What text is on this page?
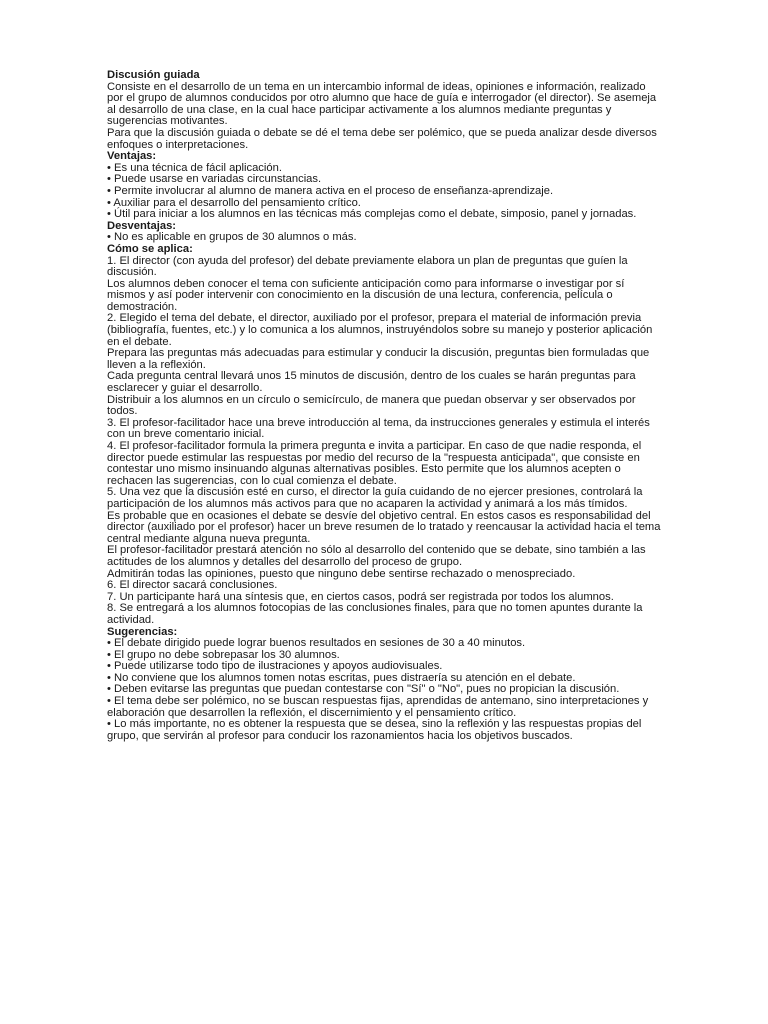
Discusión guiada

Consiste en el desarrollo de un tema en un intercambio informal de ideas, opiniones e información, realizado por el grupo de alumnos conducidos por otro alumno que hace de guía e interrogador (el director). Se asemeja al desarrollo de una clase, en la cual hace participar activamente a los alumnos mediante preguntas y sugerencias motivantes.

Para que la discusión guiada o debate se dé el tema debe ser polémico, que se pueda analizar desde diversos enfoques o interpretaciones.

Ventajas:

• Es una técnica de fácil aplicación.

• Puede usarse en variadas circunstancias.

• Permite involucrar al alumno de manera activa en el proceso de enseñanza-aprendizaje.

• Auxiliar para el desarrollo del pensamiento crítico.

• Útil para iniciar a los alumnos en las técnicas más complejas como el debate, simposio, panel y jornadas.

Desventajas:

• No es aplicable en grupos de 30 alumnos o más.

Cómo se aplica:

1. El director (con ayuda del profesor) del debate previamente elabora un plan de preguntas que guíen la discusión.

Los alumnos deben conocer el tema con suficiente anticipación como para informarse o investigar por sí mismos y así poder intervenir con conocimiento en la discusión de una lectura, conferencia, película o demostración.

2. Elegido el tema del debate, el director, auxiliado por el profesor, prepara el material de información previa (bibliografía, fuentes, etc.) y lo comunica a los alumnos, instruyéndolos sobre su manejo y posterior aplicación en el debate.

Prepara las preguntas más adecuadas para estimular y conducir la discusión, preguntas bien formuladas que lleven a la reflexión.

Cada pregunta central llevará unos 15 minutos de discusión, dentro de los cuales se harán preguntas para esclarecer y guiar el desarrollo.

Distribuir a los alumnos en un círculo o semicírculo, de manera que puedan observar y ser observados por todos.

3. El profesor-facilitador hace una breve introducción al tema, da instrucciones generales y estimula el interés con un breve comentario inicial.

4. El profesor-facilitador formula la primera pregunta e invita a participar. En caso de que nadie responda, el director puede estimular las respuestas por medio del recurso de la "respuesta anticipada", que consiste en contestar uno mismo insinuando algunas alternativas posibles. Esto permite que los alumnos acepten o rechacen las sugerencias, con lo cual comienza el debate.

5. Una vez que la discusión esté en curso, el director la guía cuidando de no ejercer presiones, controlará la participación de los alumnos más activos para que no acaparen la actividad y animará a los más tímidos.

Es probable que en ocasiones el debate se desvíe del objetivo central. En estos casos es responsabilidad del director (auxiliado por el profesor) hacer un breve resumen de lo tratado y reencausar la actividad hacia el tema central mediante alguna nueva pregunta.

El profesor-facilitador prestará atención no sólo al desarrollo del contenido que se debate, sino también a las actitudes de los alumnos y detalles del desarrollo del proceso de grupo.

Admitirán todas las opiniones, puesto que ninguno debe sentirse rechazado o menospreciado.

6. El director sacará conclusiones.

7. Un participante hará una síntesis que, en ciertos casos, podrá ser registrada por todos los alumnos.

8. Se entregará a los alumnos fotocopias de las conclusiones finales, para que no tomen apuntes durante la actividad.

Sugerencias:

• El debate dirigido puede lograr buenos resultados en sesiones de 30 a 40 minutos.

• El grupo no debe sobrepasar los 30 alumnos.

• Puede utilizarse todo tipo de ilustraciones y apoyos audiovisuales.

• No conviene que los alumnos tomen notas escritas, pues distraería su atención en el debate.

• Deben evitarse las preguntas que puedan contestarse con "Sí" o "No", pues no propician la discusión.

• El tema debe ser polémico, no se buscan respuestas fijas, aprendidas de antemano, sino interpretaciones y elaboración que desarrollen la reflexión, el discernimiento y el pensamiento crítico.

• Lo más importante, no es obtener la respuesta que se desea, sino la reflexión y las respuestas propias del grupo, que servirán al profesor para conducir los razonamientos hacia los objetivos buscados.
